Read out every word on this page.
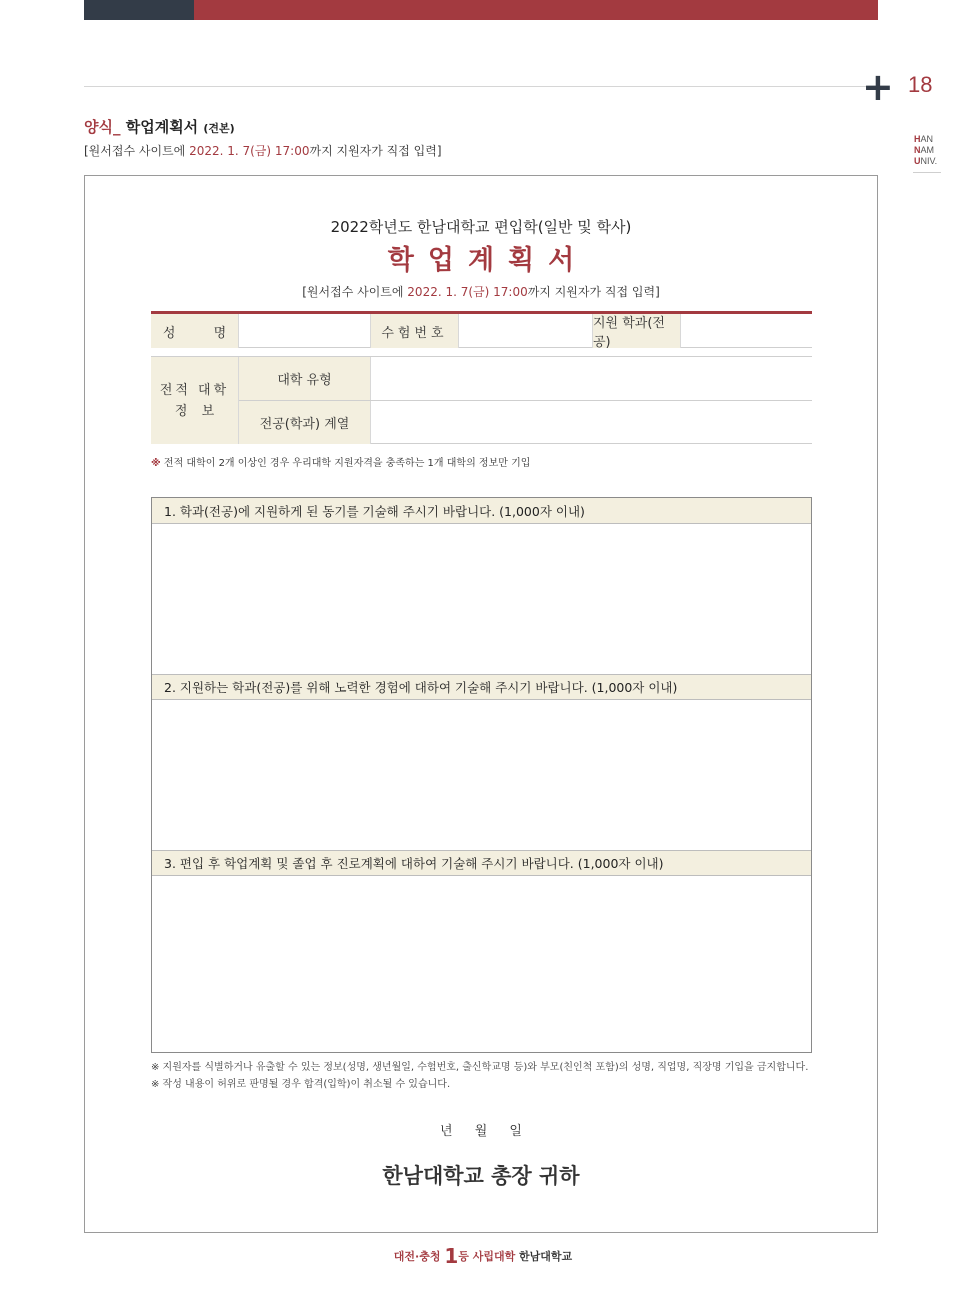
+ 18
HAN
NAM
UNIV.
양식_ 학업계획서 (견본)
[원서접수 사이트에 2022. 1. 7(금) 17:00까지 지원자가 직접 입력]
2022학년도 한남대학교 편입학(일반 및 학사)
학업계획서
[원서접수 사이트에 2022. 1. 7(금) 17:00까지 지원자가 직접 입력]
성 명	수험번호
지원 학과(전공)
전적 대학
정 보
대학 유형
전공(학과) 계열
※ 전적 대학이 2개 이상인 경우 우리대학 지원자격을 충족하는 1개 대학의 정보만 기입
1. 학과(전공)에 지원하게 된 동기를 기술해 주시기 바랍니다. (1,000자 이내)
2. 지원하는 학과(전공)를 위해 노력한 경험에 대하여 기술해 주시기 바랍니다. (1,000자 이내)
3. 편입 후 학업계획 및 졸업 후 진로계획에 대하여 기술해 주시기 바랍니다. (1,000자 이내)
※ 지원자를 식별하거나 유출할 수 있는 정보(성명, 생년월일, 수험번호, 출신학교명 등)와 부모(친인척 포함)의 성명, 직업명, 직장명 기입을 금지합니다.
※ 작성 내용이 허위로 판명될 경우 합격(입학)이 취소될 수 있습니다.
년 월 일
한남대학교 총장 귀하
대전·충청 1등 사립대학 한남대학교
